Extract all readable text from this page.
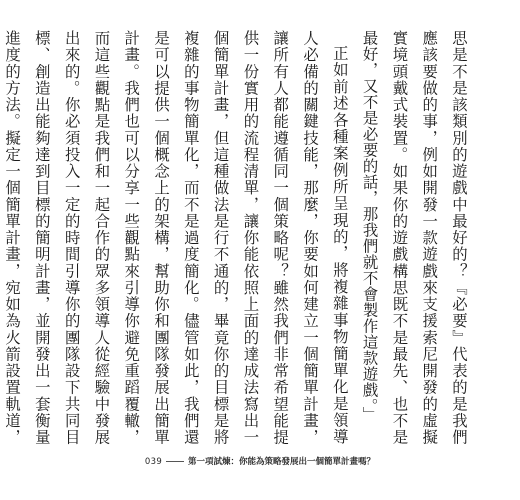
思是不是該類別的遊戲中最好的？『必要』代表的是我們應該要做的事，例如開發一款遊戲來支援索尼開發的虛擬實境頭戴式裝置。如果你的遊戲構思既不是最先、也不是最好，又不是必要的話，那我們就不會製作這款遊戲。」

正如前述各種案例所呈現的，將複雜事物簡單化是領導人必備的關鍵技能，那麼，你要如何建立一個簡單計畫，讓所有人都能遵循同一個策略呢？雖然我們非常希望能提供一份實用的流程清單，讓你能依照上面的達成法寫出一個簡單計畫，但這種做法是行不通的，畢竟你的目標是將複雜的事物簡單化，而不是過度簡化。儘管如此，我們還是可以提供一個概念上的架構，幫助你和團隊發展出簡單計畫。我們也可以分享一些觀點來引導你避免重蹈覆轍，而這些觀點是我們和一起合作的眾多領導人從經驗中發展出來的。你必須投入一定的時間引導你的團隊設下共同目標、創造出能夠達到目標的簡明計畫，並開發出一套衡量進度的方法。擬定一個簡單計畫，宛如為火箭設置軌道，

039	第一項試煉：你能為策略發展出一個簡單計畫嗎？
